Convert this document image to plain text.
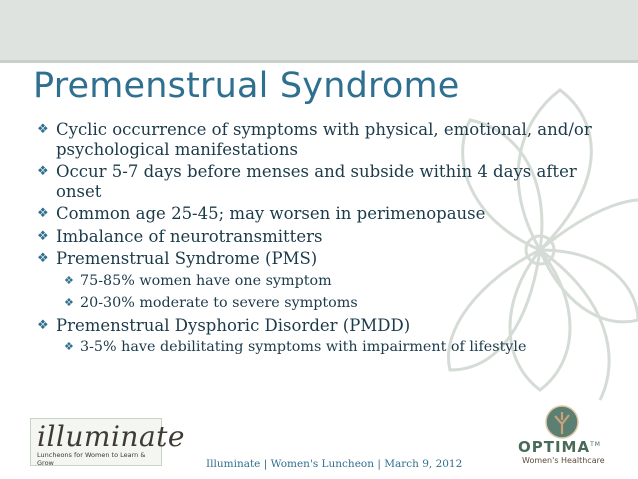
Premenstrual Syndrome
❖ Cyclic occurrence of symptoms with physical, emotional, and/or psychological manifestations
❖ Occur 5-7 days before menses and subside within 4 days after onset
❖ Common age 25-45; may worsen in perimenopause
❖ Imbalance of neurotransmitters
❖ Premenstrual Syndrome (PMS)
❖ 75-85% women have one symptom
❖ 20-30% moderate to severe symptoms
❖ Premenstrual Dysphoric Disorder (PMDD)
❖ 3-5% have debilitating symptoms with impairment of lifestyle
illuminate
Luncheons for Women to Learn & Grow
OPTIMA™
Women's Healthcare
Illuminate | Women's Luncheon | March 9, 2012
